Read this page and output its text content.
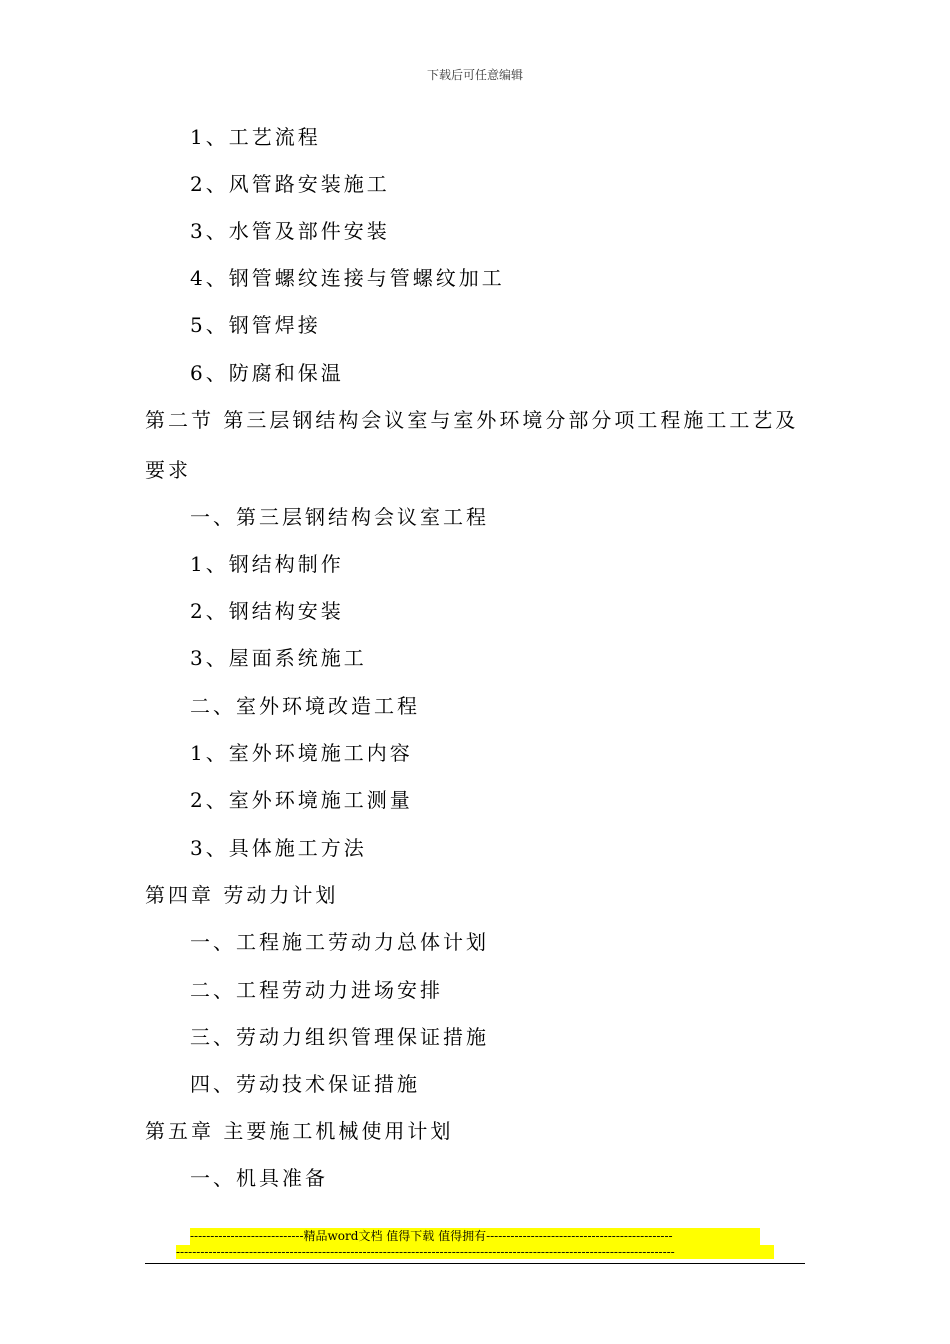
下载后可任意编辑
1、工艺流程
2、风管路安装施工
3、水管及部件安装
4、钢管螺纹连接与管螺纹加工
5、钢管焊接
6、防腐和保温
第二节 第三层钢结构会议室与室外环境分部分项工程施工工艺及
要求
一、第三层钢结构会议室工程
1、钢结构制作
2、钢结构安装
3、屋面系统施工
二、室外环境改造工程
1、室外环境施工内容
2、室外环境施工测量
3、具体施工方法
第四章 劳动力计划
一、工程施工劳动力总体计划
二、工程劳动力进场安排
三、劳动力组织管理保证措施
四、劳动技术保证措施
第五章 主要施工机械使用计划
一、机具准备
----------------------------精品word文档 值得下载 值得拥有----------------------------------------------
---------------------------------------------------------------------------------------------------------------------------
